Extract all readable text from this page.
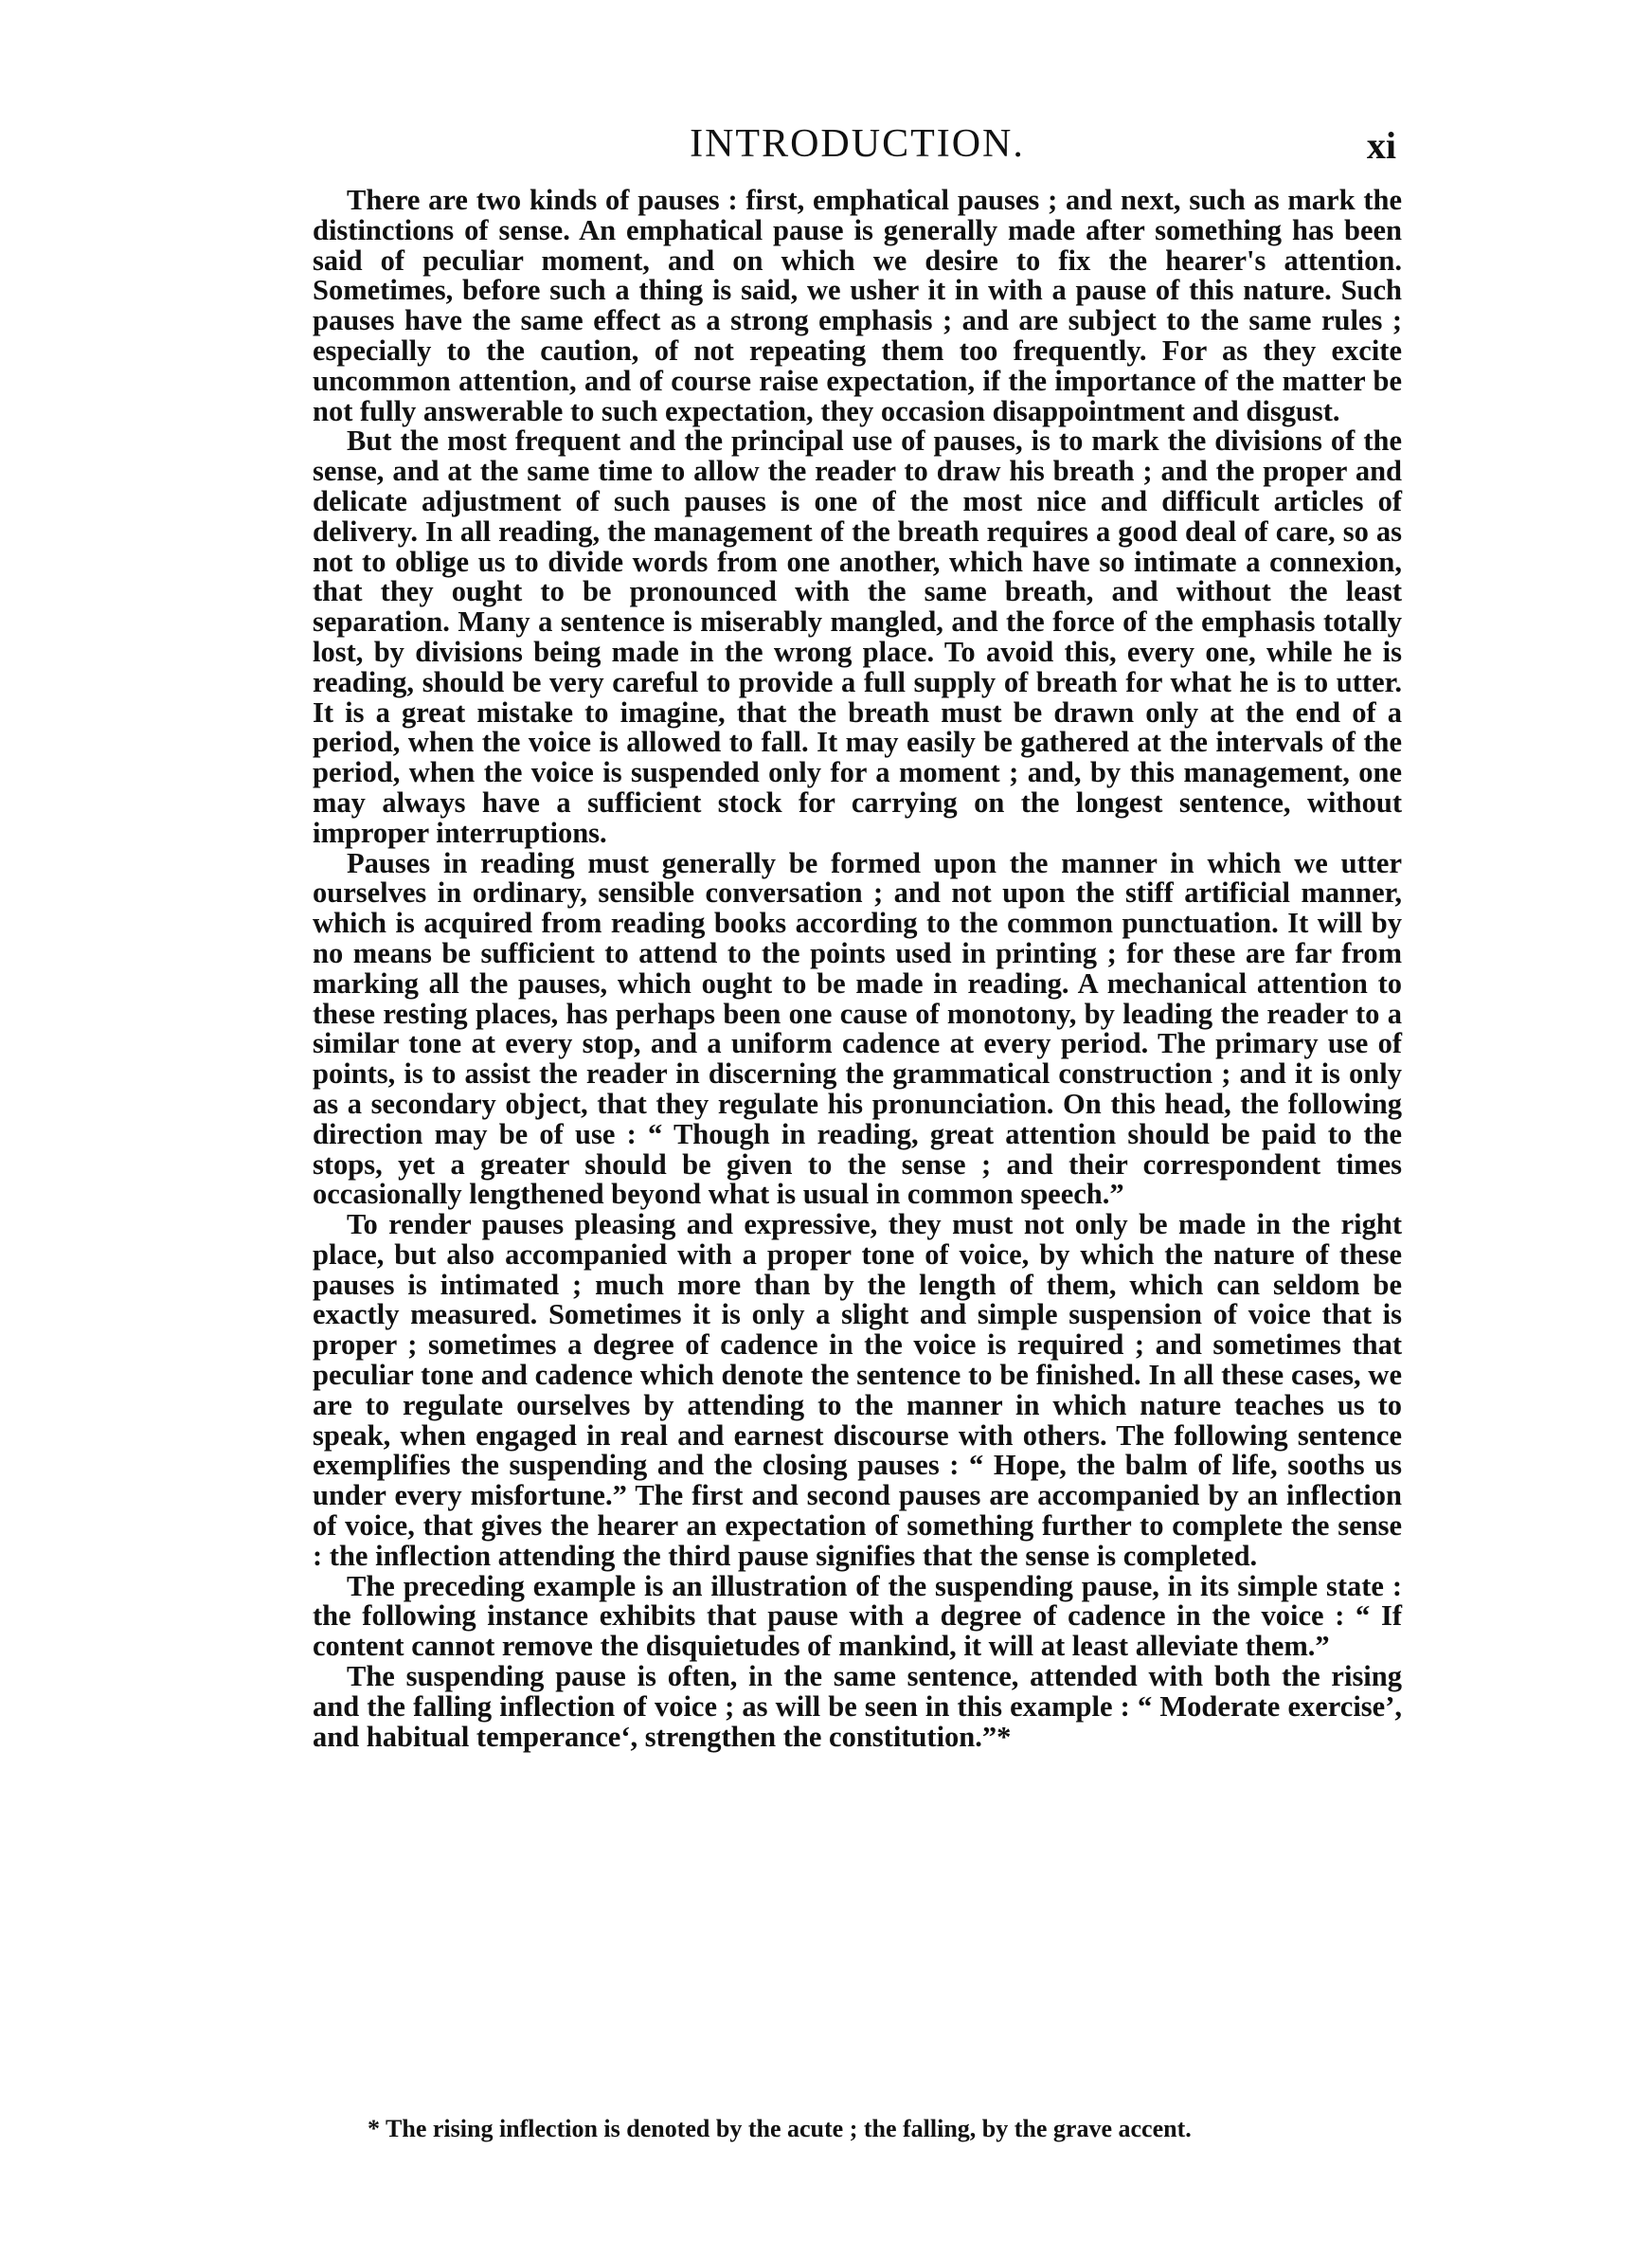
INTRODUCTION.	xi

There are two kinds of pauses : first, emphatical pauses ; and next, such as mark the distinctions of sense. An emphatical pause is generally made after something has been said of peculiar moment, and on which we desire to fix the hearer's attention. Sometimes, before such a thing is said, we usher it in with a pause of this nature. Such pauses have the same effect as a strong emphasis ; and are subject to the same rules ; especially to the caution, of not repeating them too frequently. For as they excite uncommon attention, and of course raise expectation, if the importance of the matter be not fully answerable to such expectation, they occasion disappointment and disgust.

But the most frequent and the principal use of pauses, is to mark the divisions of the sense, and at the same time to allow the reader to draw his breath ; and the proper and delicate adjustment of such pauses is one of the most nice and difficult articles of delivery. In all reading, the management of the breath requires a good deal of care, so as not to oblige us to divide words from one another, which have so intimate a connexion, that they ought to be pronounced with the same breath, and without the least separation. Many a sentence is miserably mangled, and the force of the emphasis totally lost, by divisions being made in the wrong place. To avoid this, every one, while he is reading, should be very careful to provide a full supply of breath for what he is to utter. It is a great mistake to imagine, that the breath must be drawn only at the end of a period, when the voice is allowed to fall. It may easily be gathered at the intervals of the period, when the voice is suspended only for a moment ; and, by this management, one may always have a sufficient stock for carrying on the longest sentence, without improper interruptions.

Pauses in reading must generally be formed upon the manner in which we utter ourselves in ordinary, sensible conversation ; and not upon the stiff artificial manner, which is acquired from reading books according to the common punctuation. It will by no means be sufficient to attend to the points used in printing ; for these are far from marking all the pauses, which ought to be made in reading. A mechanical attention to these resting places, has perhaps been one cause of monotony, by leading the reader to a similar tone at every stop, and a uniform cadence at every period. The primary use of points, is to assist the reader in discerning the grammatical construction ; and it is only as a secondary object, that they regulate his pronunciation. On this head, the following direction may be of use : “ Though in reading, great attention should be paid to the stops, yet a greater should be given to the sense ; and their correspondent times occasionally lengthened beyond what is usual in common speech.”

To render pauses pleasing and expressive, they must not only be made in the right place, but also accompanied with a proper tone of voice, by which the nature of these pauses is intimated ; much more than by the length of them, which can seldom be exactly measured. Sometimes it is only a slight and simple suspension of voice that is proper ; sometimes a degree of cadence in the voice is required ; and sometimes that peculiar tone and cadence which denote the sentence to be finished. In all these cases, we are to regulate ourselves by attending to the manner in which nature teaches us to speak, when engaged in real and earnest discourse with others. The following sentence exemplifies the suspending and the closing pauses : “ Hope, the balm of life, sooths us under every misfortune.” The first and second pauses are accompanied by an inflection of voice, that gives the hearer an expectation of something further to complete the sense : the inflection attending the third pause signifies that the sense is completed.

The preceding example is an illustration of the suspending pause, in its simple state : the following instance exhibits that pause with a degree of cadence in the voice : “ If content cannot remove the disquietudes of mankind, it will at least alleviate them.”

The suspending pause is often, in the same sentence, attended with both the rising and the falling inflection of voice ; as will be seen in this example : “ Moderate exercise’, and habitual temperance‘, strengthen the constitution.”*

* The rising inflection is denoted by the acute ; the falling, by the grave accent.
